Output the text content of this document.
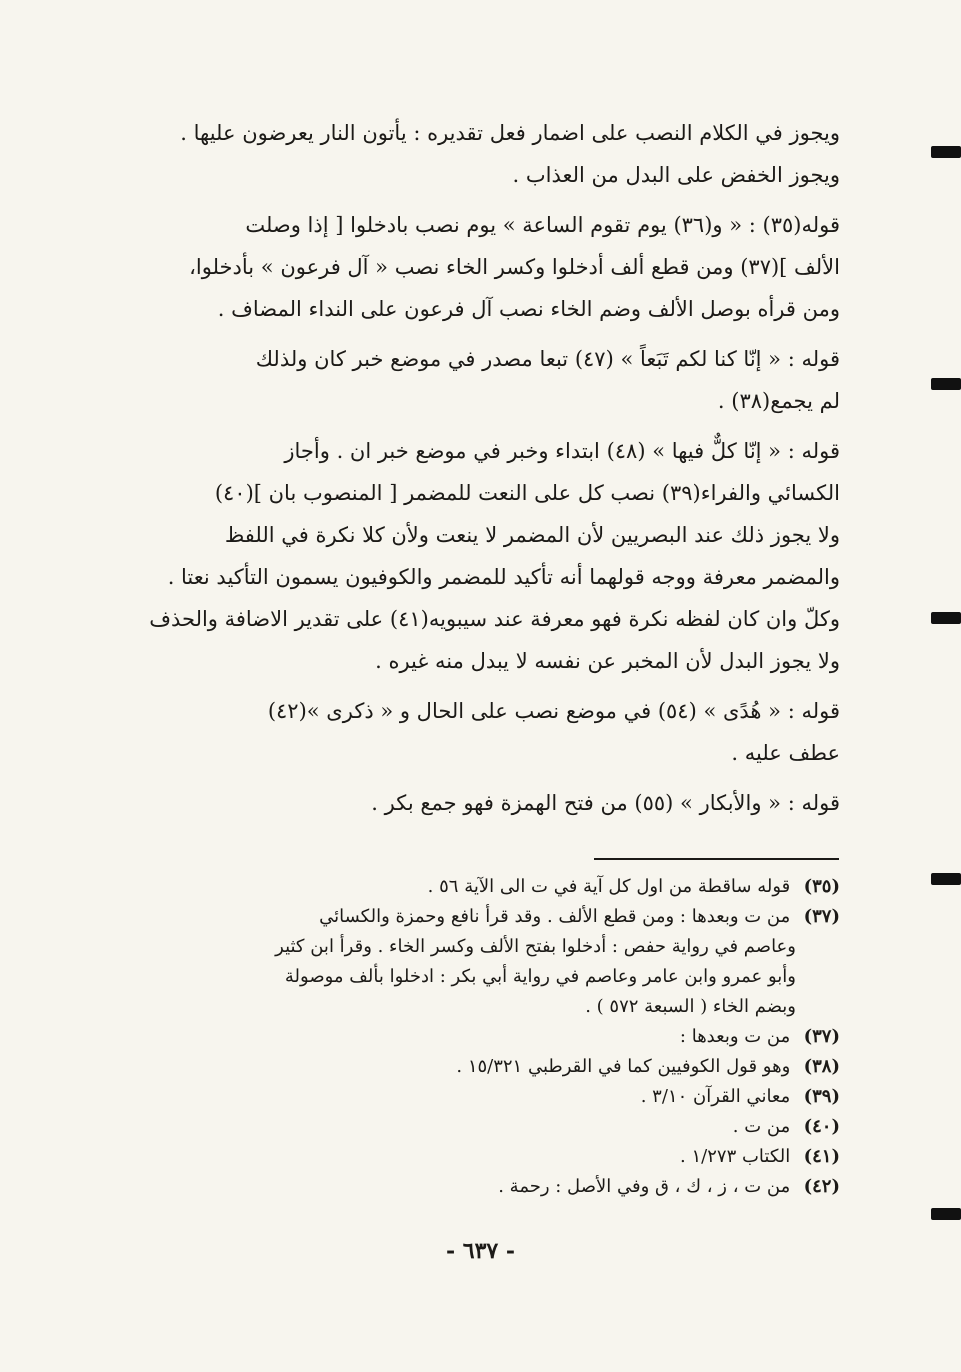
ويجوز في الكلام النصب على اضمار فعل تقديره : يأتون النار يعرضون عليها .
ويجوز الخفض على البدل من العذاب .

قوله(٣٥) : « و(٣٦) يوم تقوم الساعة » يوم نصب بادخلوا [ إذا وصلت
الألف ](٣٧) ومن قطع ألف أدخلوا وكسر الخاء نصب « آل فرعون » بأدخلوا،
ومن قرأه بوصل الألف وضم الخاء نصب آل فرعون على النداء المضاف .

قوله : « إنّا كنا لكم تَبَعاً » (٤٧) تبعا مصدر في موضع خبر كان ولذلك
لم يجمع(٣٨) .

قوله : « إنّا كلٌّ فيها » (٤٨) ابتداء وخبر في موضع خبر ان . وأجاز
الكسائي والفراء(٣٩) نصب كل على النعت للمضمر [ المنصوب بان ](٤٠)
ولا يجوز ذلك عند البصريين لأن المضمر لا ينعت ولأن كلا نكرة في اللفظ
والمضمر معرفة ووجه قولهما أنه تأكيد للمضمر والكوفيون يسمون التأكيد نعتا .
وكلّ وان كان لفظه نكرة فهو معرفة عند سيبويه(٤١) على تقدير الاضافة والحذف
ولا يجوز البدل لأن المخبر عن نفسه لا يبدل منه غيره .

قوله : « هُدًى » (٥٤) في موضع نصب على الحال و « ذكرى »(٤٢)
عطف عليه .

قوله : « والأبكار » (٥٥) من فتح الهمزة فهو جمع بكر .

(٣٥) قوله ساقطة من اول كل آية في ت الى الآية ٥٦ .
(٣٧) من ت وبعدها : ومن قطع الألف . وقد قرأ نافع وحمزة والكسائي
وعاصم في رواية حفص : أدخلوا بفتح الألف وكسر الخاء . وقرأ ابن كثير
وأبو عمرو وابن عامر وعاصم في رواية أبي بكر : ادخلوا بألف موصولة
وبضم الخاء ( السبعة ٥٧٢ ) .
(٣٧) من ت وبعدها :
(٣٨) وهو قول الكوفيين كما في القرطبي ١٥/٣٢١ .
(٣٩) معاني القرآن ٣/١٠ .
(٤٠) من ت .
(٤١) الكتاب ١/٢٧٣ .
(٤٢) من ت ، ز ، ك ، ق وفي الأصل : رحمة .
- ٦٣٧ -
